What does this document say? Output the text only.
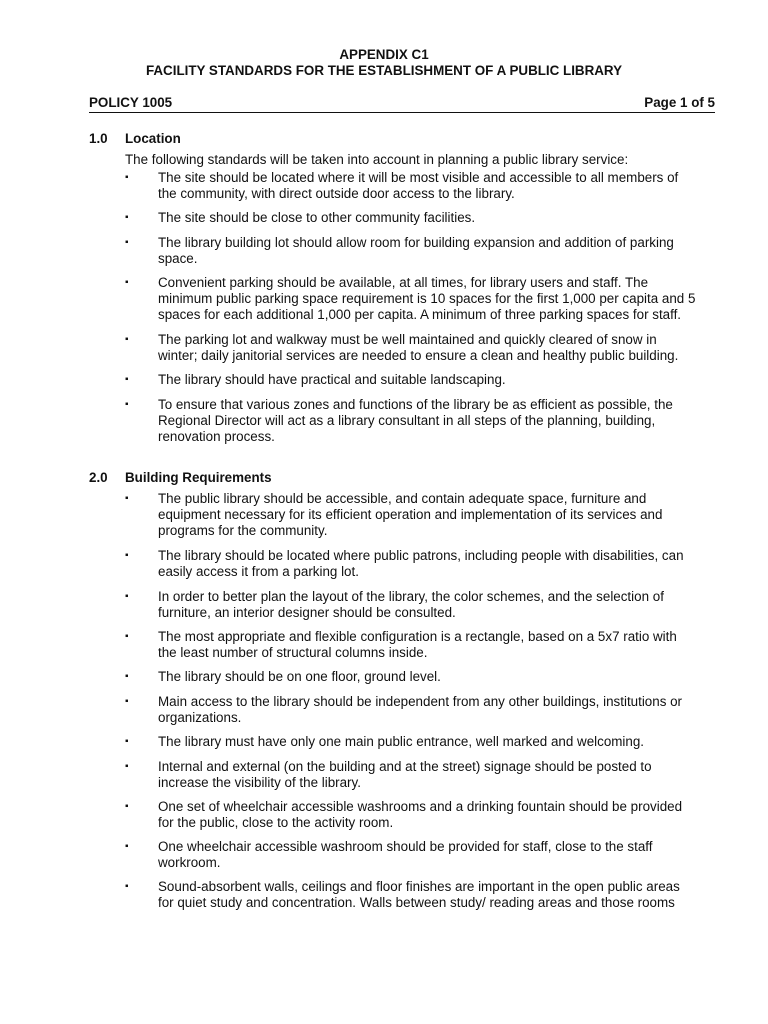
APPENDIX C1
FACILITY STANDARDS FOR THE ESTABLISHMENT OF A PUBLIC LIBRARY
POLICY 1005	Page 1 of 5
1.0 Location
The following standards will be taken into account in planning a public library service:
▪ The site should be located where it will be most visible and accessible to all members of
the community, with direct outside door access to the library.
▪ The site should be close to other community facilities.
▪ The library building lot should allow room for building expansion and addition of parking
space.
▪ Convenient parking should be available, at all times, for library users and staff. The
minimum public parking space requirement is 10 spaces for the first 1,000 per capita and 5
spaces for each additional 1,000 per capita. A minimum of three parking spaces for staff.
▪ The parking lot and walkway must be well maintained and quickly cleared of snow in
winter; daily janitorial services are needed to ensure a clean and healthy public building.
▪ The library should have practical and suitable landscaping.
▪ To ensure that various zones and functions of the library be as efficient as possible, the
Regional Director will act as a library consultant in all steps of the planning, building,
renovation process.
2.0 Building Requirements
▪ The public library should be accessible, and contain adequate space, furniture and
equipment necessary for its efficient operation and implementation of its services and
programs for the community.
▪ The library should be located where public patrons, including people with disabilities, can
easily access it from a parking lot.
▪ In order to better plan the layout of the library, the color schemes, and the selection of
furniture, an interior designer should be consulted.
▪ The most appropriate and flexible configuration is a rectangle, based on a 5x7 ratio with
the least number of structural columns inside.
▪ The library should be on one floor, ground level.
▪ Main access to the library should be independent from any other buildings, institutions or
organizations.
▪ The library must have only one main public entrance, well marked and welcoming.
▪ Internal and external (on the building and at the street) signage should be posted to
increase the visibility of the library.
▪ One set of wheelchair accessible washrooms and a drinking fountain should be provided
for the public, close to the activity room.
▪ One wheelchair accessible washroom should be provided for staff, close to the staff
workroom.
▪ Sound-absorbent walls, ceilings and floor finishes are important in the open public areas
for quiet study and concentration. Walls between study/ reading areas and those rooms
